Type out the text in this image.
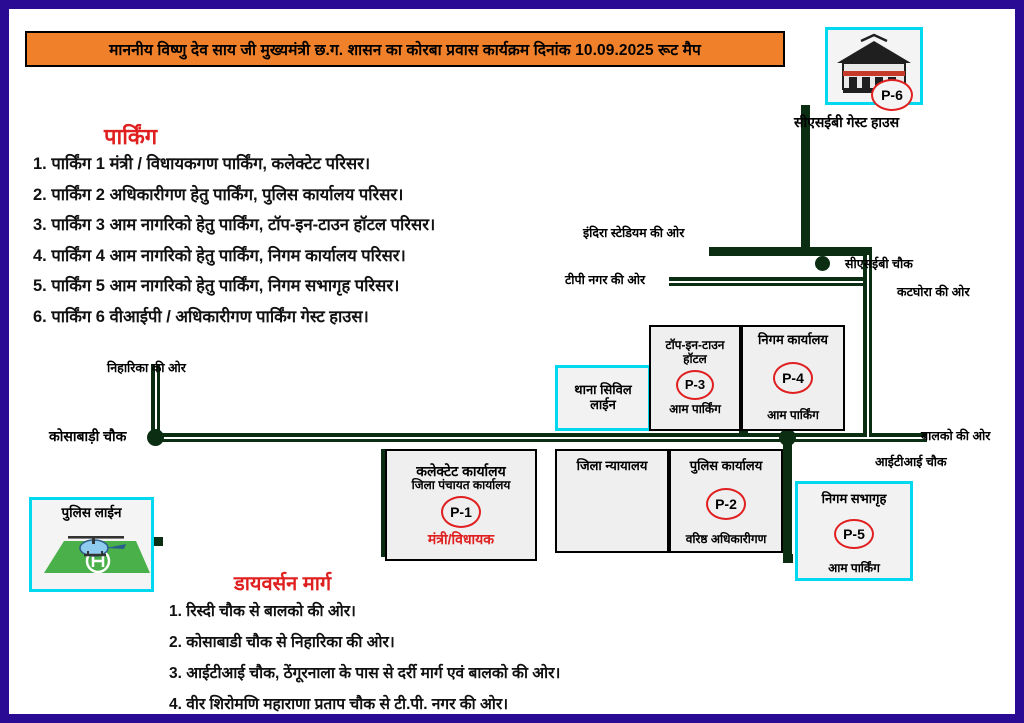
माननीय विष्णु देव साय जी मुख्यमंत्री छ.ग. शासन का कोरबा प्रवास कार्यक्रम दिनांक 10.09.2025 रूट मैप
पार्किंग
1. पार्किंग 1 मंत्री / विधायकगण पार्किंग, कलेक्टेट परिसर।
2. पार्किंग 2 अधिकारीगण हेतु पार्किंग, पुलिस कार्यालय परिसर।
3. पार्किंग 3 आम नागरिको हेतु पार्किंग, टॉप-इन-टाउन हॉटल परिसर।
4. पार्किंग 4 आम नागरिको हेतु पार्किंग, निगम कार्यालय परिसर।
5. पार्किंग 5 आम नागरिको हेतु पार्किंग, निगम सभागृह परिसर।
6. पार्किंग 6 वीआईपी / अधिकारीगण पार्किंग गेस्ट हाउस।
डायवर्सन मार्ग
1. रिस्दी चौक से बालको की ओर।
2. कोसाबाडी चौक से निहारिका की ओर।
3. आईटीआई चौक, ठेंगूरनाला के पास से दर्री मार्ग एवं बालको की ओर।
4. वीर शिरोमणि महाराणा प्रताप चौक से टी.पी. नगर की ओर।
इंदिरा स्टेडियम की ओर
टीपी नगर की ओर
सीएसईबी चौक
कटघोरा की ओर
निहारिका की ओर
कोसाबाड़ी चौक	बालको की ओर
आईटीआई चौक
थाना सिविल
लाईन
टॉप-इन-टाउन
हॉटल
P-3
आम पार्किंग
निगम कार्यालय
P-4
आम पार्किंग
कलेक्टेट कार्यालय
जिला पंचायत कार्यालय
P-1
मंत्री/विधायक
जिला न्यायालय	पुलिस कार्यालय
P-2
वरिष्ठ अधिकारीगण
निगम सभागृह
P-5
आम पार्किंग
पुलिस लाईन
P-6
सीएसईबी गेस्ट हाउस
